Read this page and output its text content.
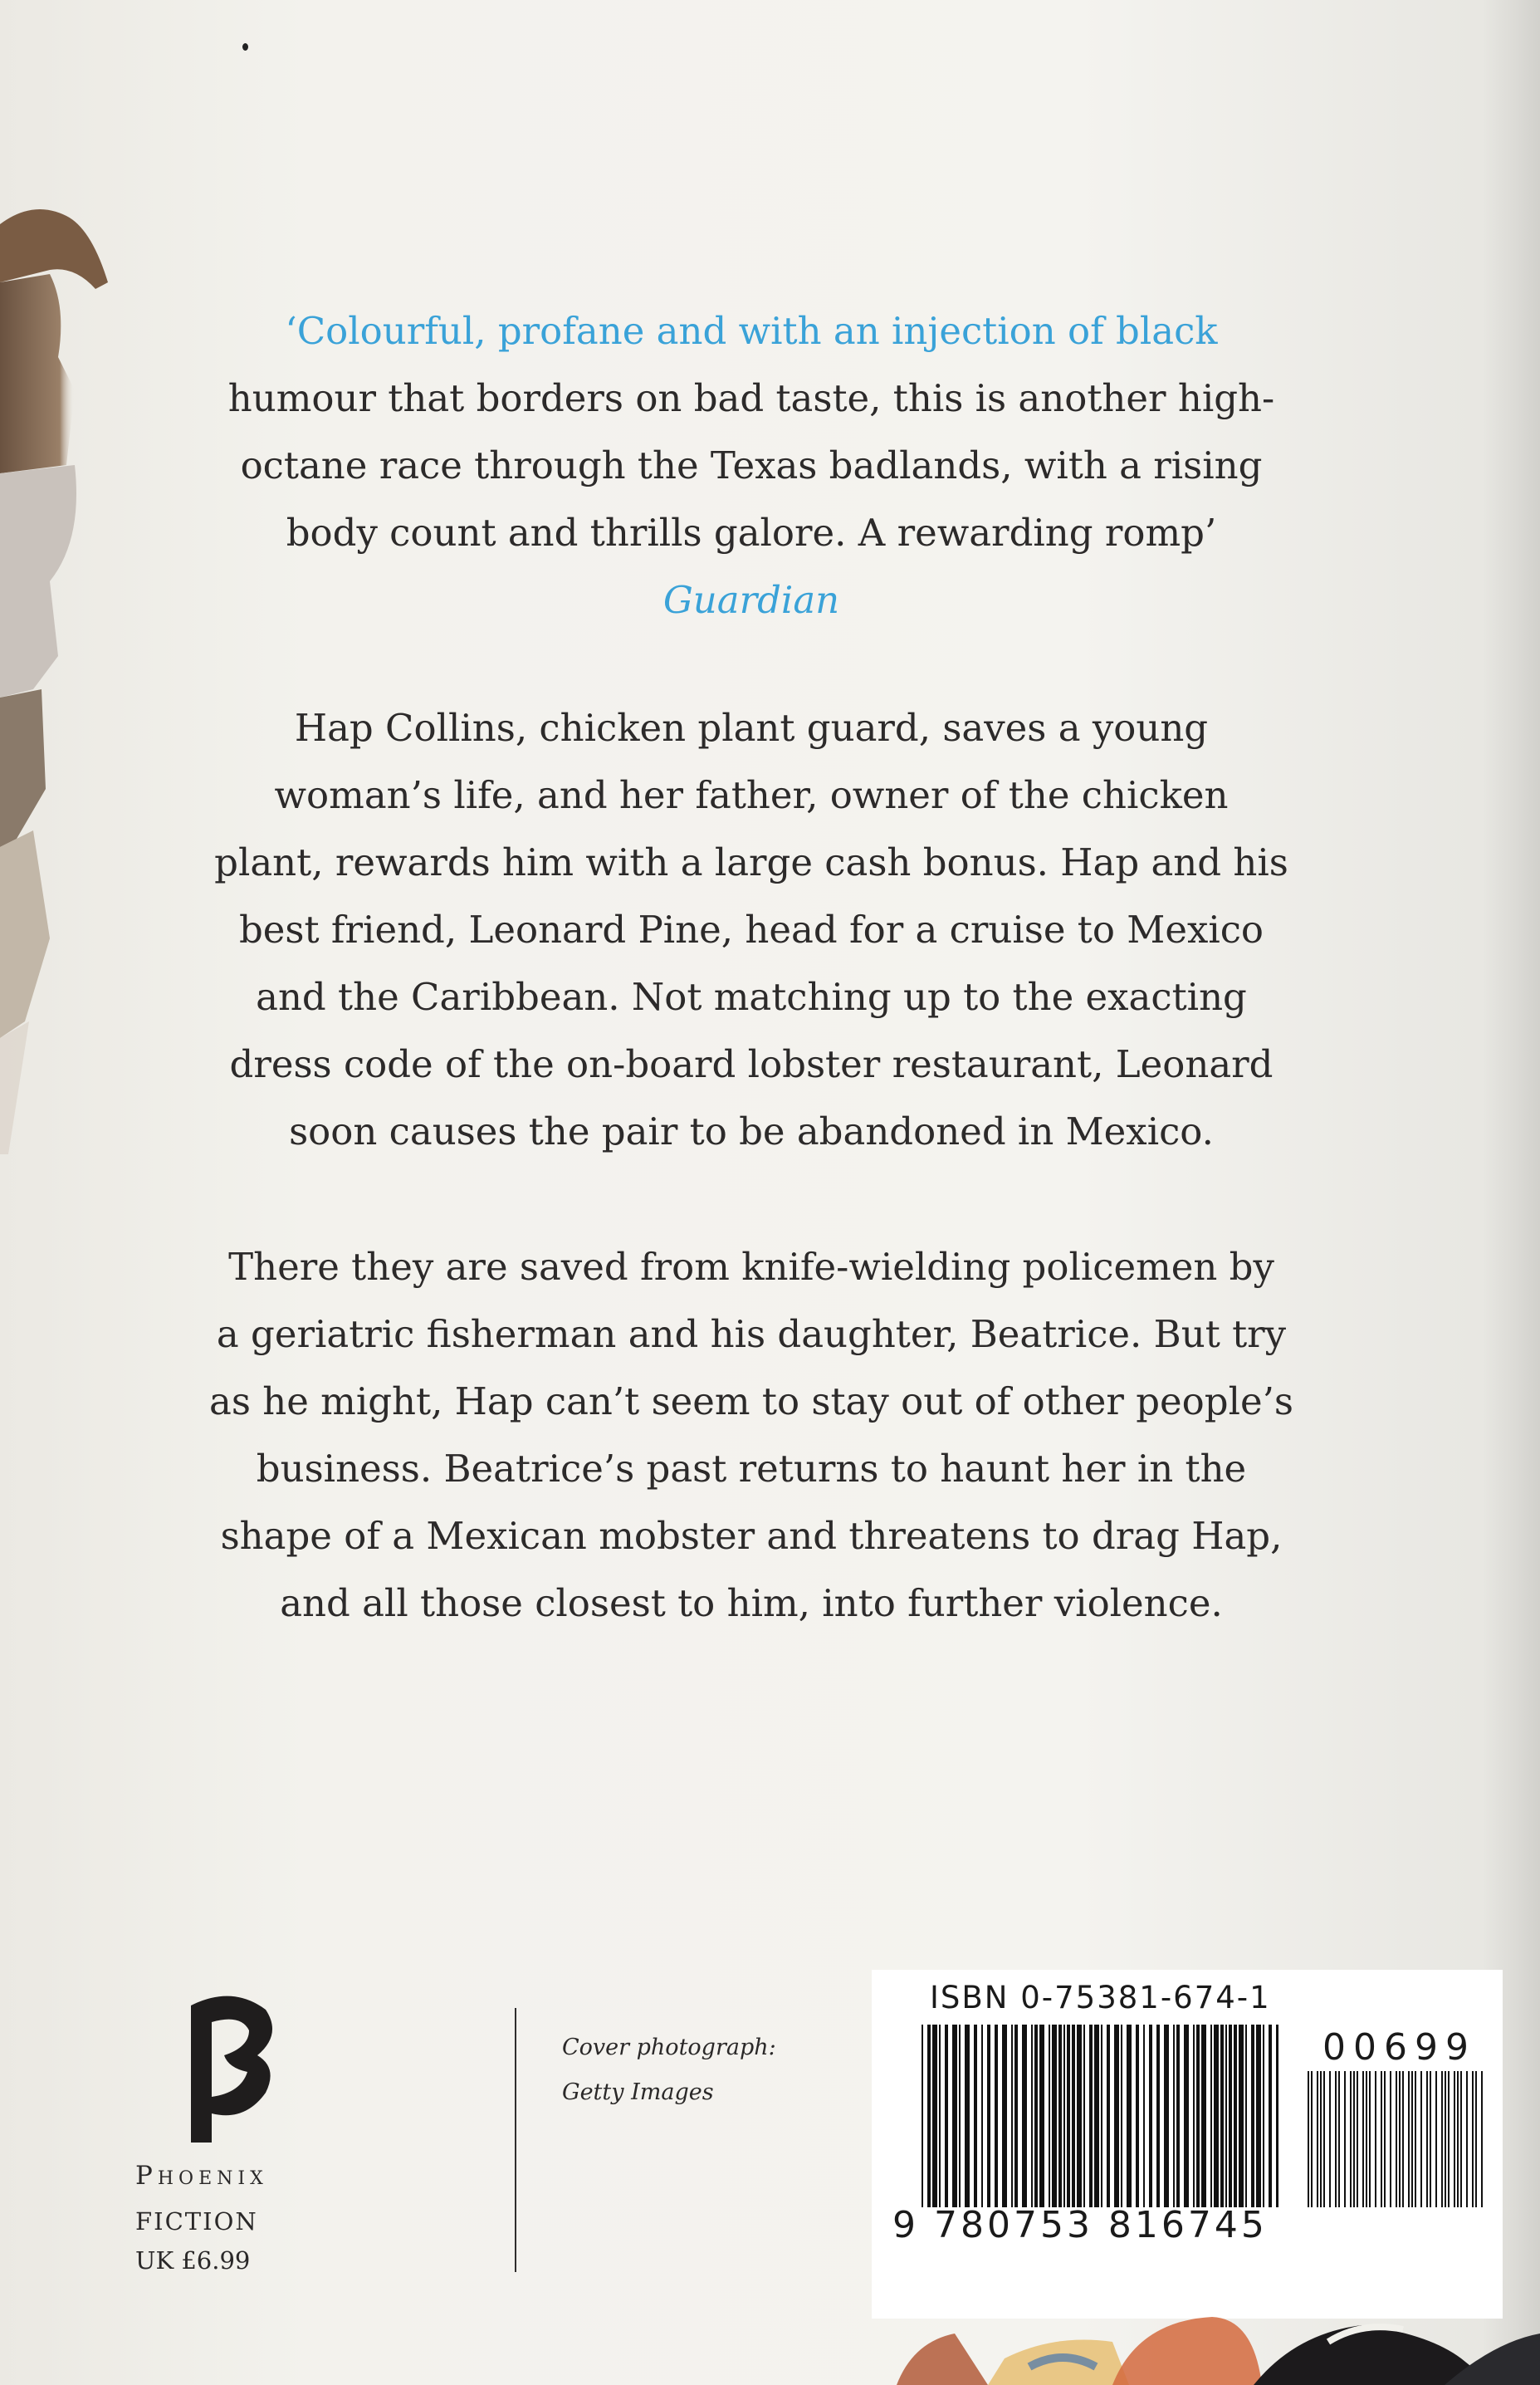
‘Colourful, profane and with an injection of black
humour that borders on bad taste, this is another high-
octane race through the Texas badlands, with a rising
body count and thrills galore. A rewarding romp’
Guardian
Hap Collins, chicken plant guard, saves a young
woman’s life, and her father, owner of the chicken
plant, rewards him with a large cash bonus. Hap and his
best friend, Leonard Pine, head for a cruise to Mexico
and the Caribbean. Not matching up to the exacting
dress code of the on-board lobster restaurant, Leonard
soon causes the pair to be abandoned in Mexico.
There they are saved from knife-wielding policemen by
a geriatric fisherman and his daughter, Beatrice. But try
as he might, Hap can’t seem to stay out of other people’s
business. Beatrice’s past returns to haunt her in the
shape of a Mexican mobster and threatens to drag Hap,
and all those closest to him, into further violence.
Phoenix
FICTION
UK £6.99
Cover photograph:
Getty Images
ISBN 0-75381-674-1
00699
9 780753 816745
